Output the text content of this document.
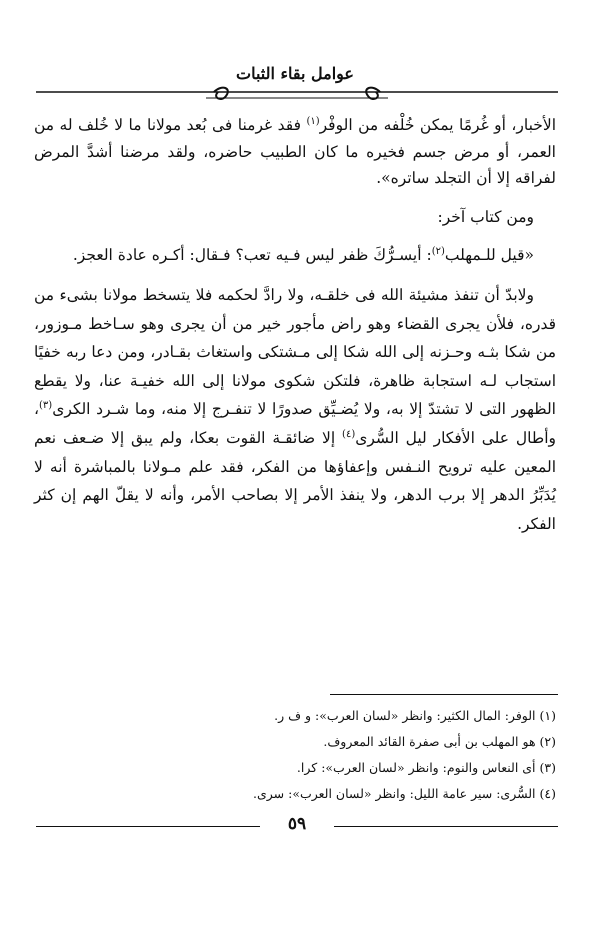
عوامل بقاء الثبات

الأخبار، أو غُرمًا يمكن خُلْفه من الوفْر$^{(١)}$ فقد غرمنا فى بُعد مولانا ما لا خُلف له من العمر، أو مرض جسم فخيره ما كان الطبيب حاضره، ولقد مرضنا أشدَّ المرض لفراقه إلا أن التجلد ساتره».

ومن كتاب آخر:

«قيل للـمهلب$^{(٢)}$: أيسـرُّكَ ظفر ليس فـيه تعب؟ فـقال: أكـره عادة العجز.

ولابدّ أن تنفذ مشيئة الله فى خلقـه، ولا رادَّ لحكمه فلا يتسخط مولانا بشىء من قدره، فلأن يجرى القضاء وهو راض مأجور خير من أن يجرى وهو سـاخط مـوزور، من شكا بثـه وحـزنه إلى الله شكا إلى مـشتكى واستغاث بقـادر، ومن دعا ربه خفيًا استجاب لـه استجابة ظاهرة، فلتكن شكوى مولانا إلى الله خفيـة عنا، ولا يقطع الظهور التى لا تشتدّ إلا به، ولا يُضـيِّق صدورًا لا تنفـرج إلا منه، وما شـرد الكرى$^{(٣)}$، وأطال على الأفكار ليل السُّرى$^{(٤)}$ إلا ضائقـة القوت بعكا، ولم يبق إلا ضـعف نعم المعين عليه ترويح النـفس وإعفاؤها من الفكر، فقد علم مـولانا بالمباشرة أنه لا يُدَبِّرُ الدهر إلا برب الدهر، ولا ينفذ الأمر إلا بصاحب الأمر، وأنه لا يقلّ الهم إن كثر الفكر.

(١) الوفر: المال الكثير: وانظر «لسان العرب»: و ف ر.

(٢) هو المهلب بن أبى صفرة القائد المعروف.

(٣) أى النعاس والنوم: وانظر «لسان العرب»: كرا.

(٤) السُّرى: سير عامة الليل: وانظر «لسان العرب»: سرى.

٥٩
